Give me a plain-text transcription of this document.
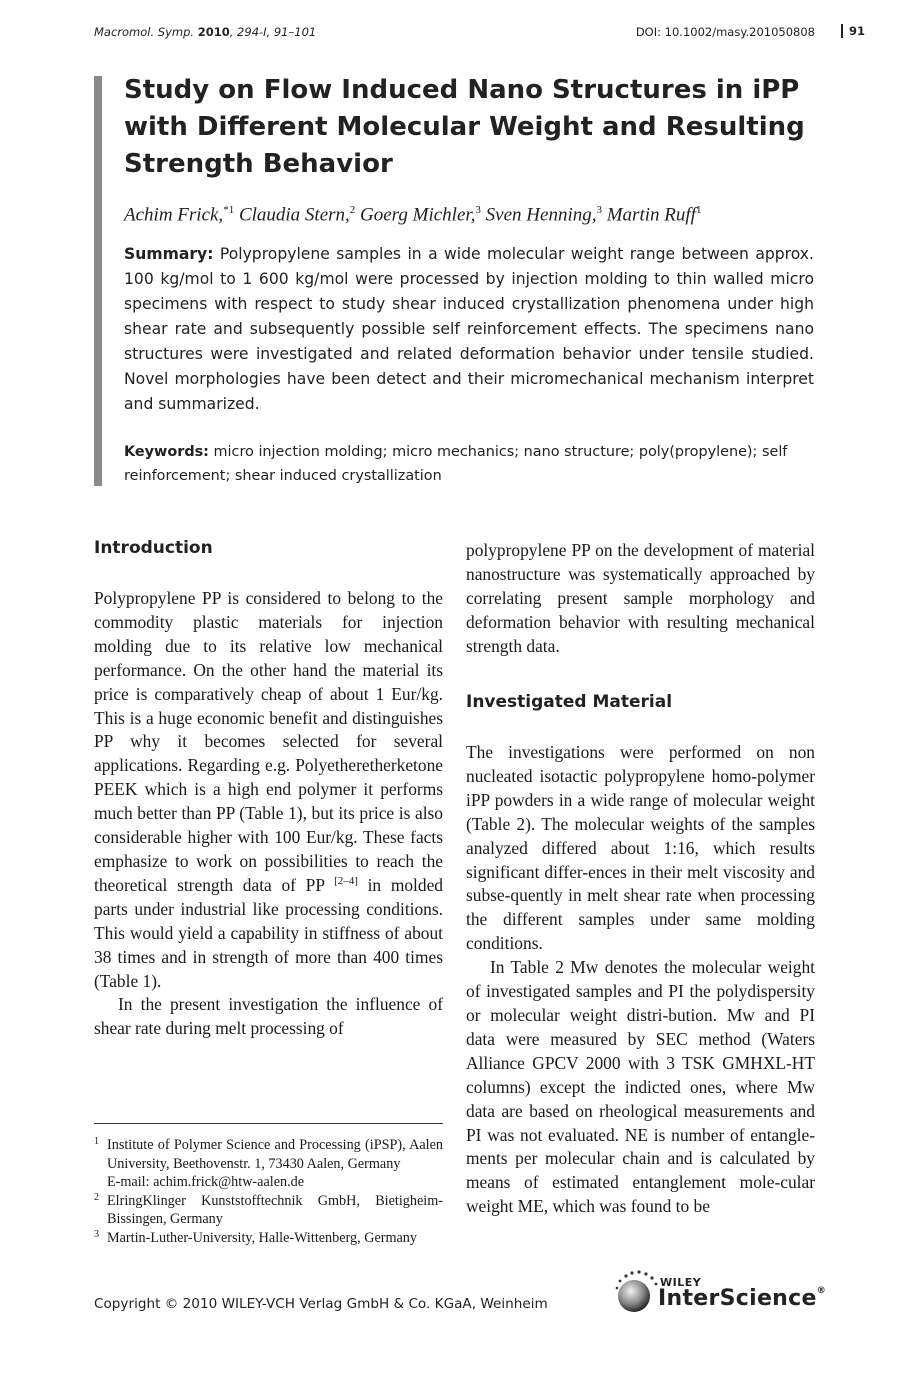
Macromol. Symp. 2010, 294-I, 91–101	DOI: 10.1002/masy.201050808	91
Study on Flow Induced Nano Structures in iPP with Different Molecular Weight and Resulting Strength Behavior
Achim Frick,$^{*1}$ Claudia Stern,$^2$ Goerg Michler,$^3$ Sven Henning,$^3$ Martin Ruff$^1$
Summary: Polypropylene samples in a wide molecular weight range between approx. 100 kg/mol to 1 600 kg/mol were processed by injection molding to thin walled micro specimens with respect to study shear induced crystallization phenomena under high shear rate and subsequently possible self reinforcement effects. The specimens nano structures were investigated and related deformation behavior under tensile studied. Novel morphologies have been detect and their micromechanical mechanism interpret and summarized.
Keywords: micro injection molding; micro mechanics; nano structure; poly(propylene); self reinforcement; shear induced crystallization
Introduction

Polypropylene PP is considered to belong to the commodity plastic materials for injection molding due to its relative low mechanical performance. On the other hand the material its price is comparatively cheap of about 1 Eur/kg. This is a huge economic benefit and distinguishes PP why it becomes selected for several applications. Regarding e.g. Polyetheretherketone PEEK which is a high end polymer it performs much better than PP (Table 1), but its price is also considerable higher with 100 Eur/kg. These facts emphasize to work on possibilities to reach the theoretical strength data of PP [2–4] in molded parts under industrial like processing conditions. This would yield a capability in stiffness of about 38 times and in strength of more than 400 times (Table 1).

In the present investigation the influence of shear rate during melt processing of

1 Institute of Polymer Science and Processing (iPSP), Aalen University, Beethovenstr. 1, 73430 Aalen, Germany
E-mail: achim.frick@htw-aalen.de
2 ElringKlinger Kunststofftechnik GmbH, Bietigheim-Bissingen, Germany
3 Martin-Luther-University, Halle-Wittenberg, Germany

polypropylene PP on the development of material nanostructure was systematically approached by correlating present sample morphology and deformation behavior with resulting mechanical strength data.

Investigated Material

The investigations were performed on non nucleated isotactic polypropylene homo-polymer iPP powders in a wide range of molecular weight (Table 2). The molecular weights of the samples analyzed differed about 1:16, which results significant differ-ences in their melt viscosity and subse-quently in melt shear rate when processing the different samples under same molding conditions.

In Table 2 Mw denotes the molecular weight of investigated samples and PI the polydispersity or molecular weight distri-bution. Mw and PI data were measured by SEC method (Waters Alliance GPCV 2000 with 3 TSK GMHXL-HT columns) except the indicted ones, where Mw data are based on rheological measurements and PI was not evaluated. NE is number of entangle-ments per molecular chain and is calculated by means of estimated entanglement mole-cular weight ME, which was found to be

Copyright © 2010 WILEY-VCH Verlag GmbH & Co. KGaA, Weinheim
WILEY
InterScience®
